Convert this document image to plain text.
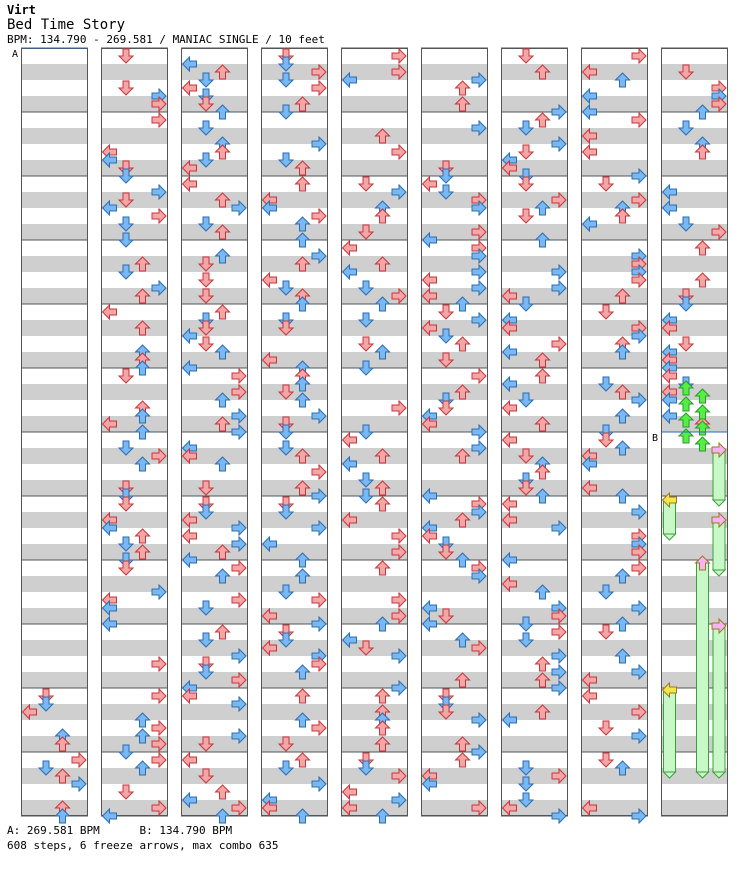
Virt
Bed Time Story
BPM: 134.790 - 269.581 / MANIAC SINGLE / 10 feet
A
B
A: 269.581 BPM      B: 134.790 BPM
608 steps, 6 freeze arrows, max combo 635
